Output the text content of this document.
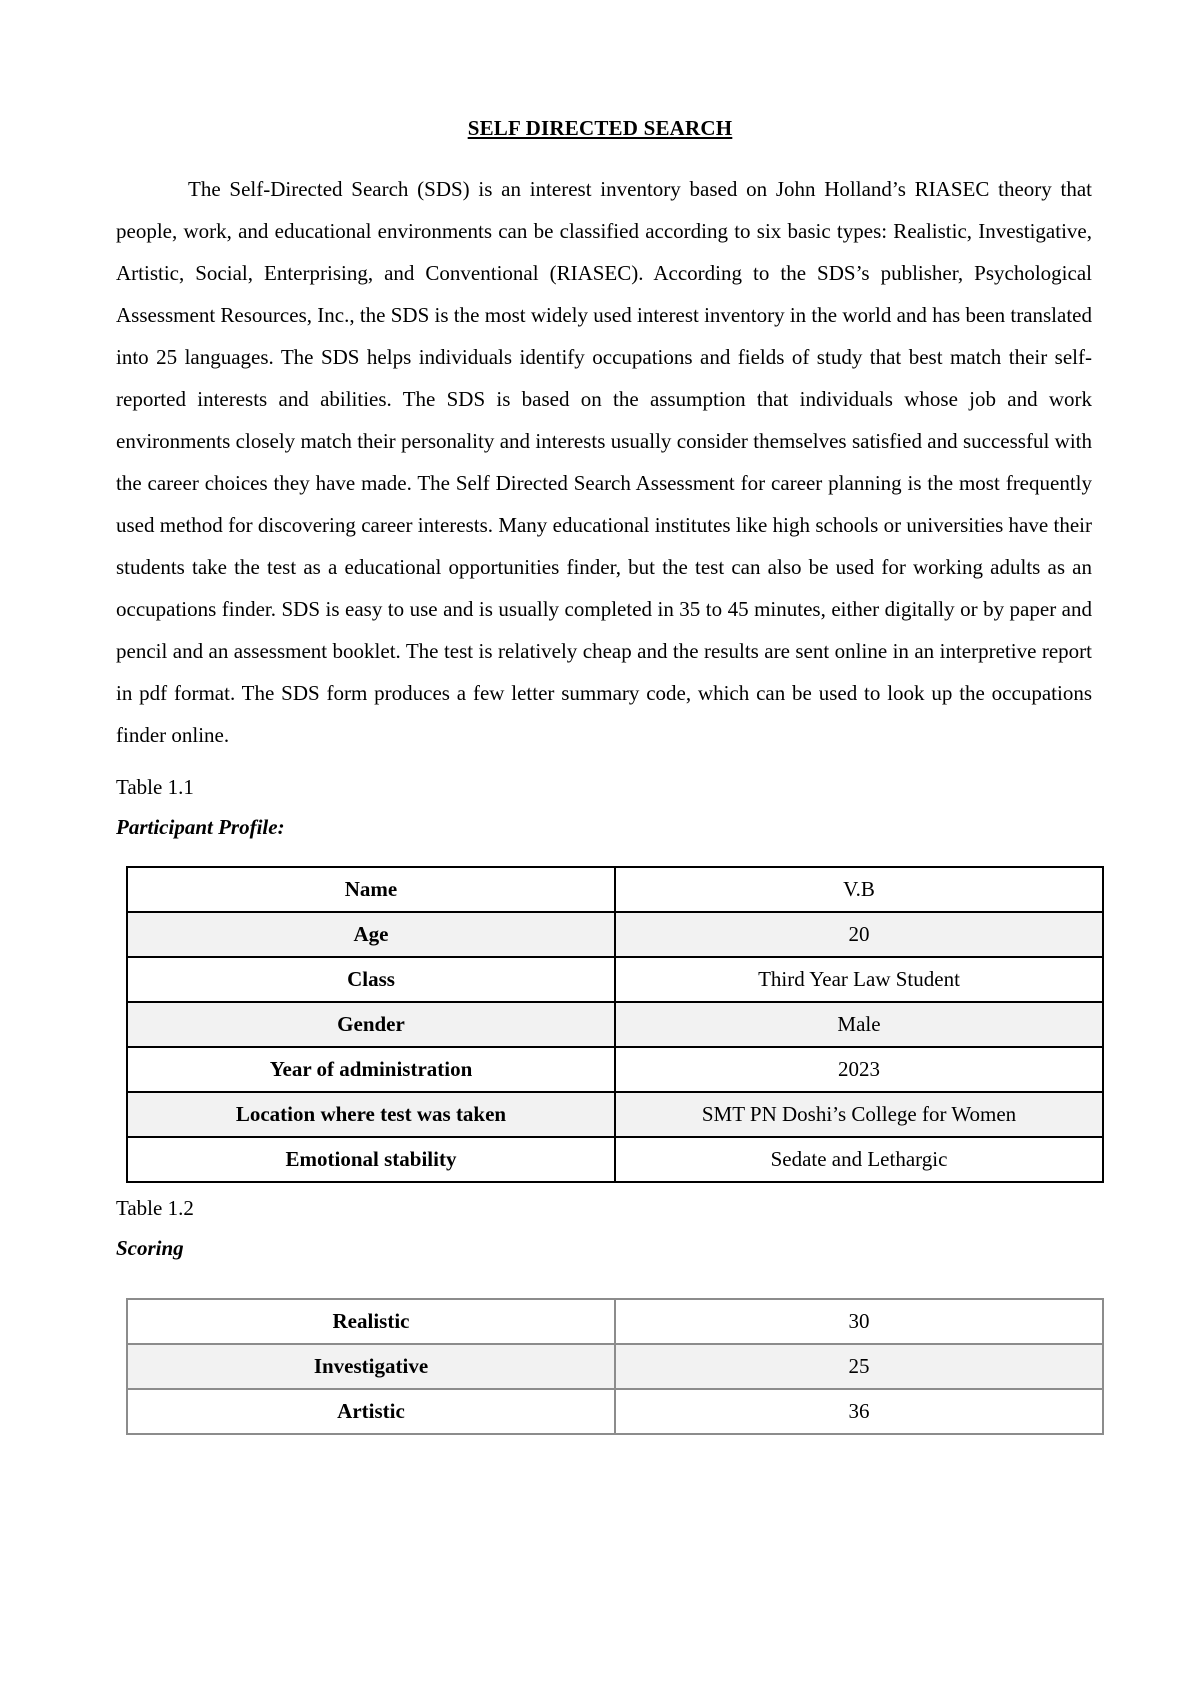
SELF DIRECTED SEARCH

The Self-Directed Search (SDS) is an interest inventory based on John Holland’s RIASEC theory that people, work, and educational environments can be classified according to six basic types: Realistic, Investigative, Artistic, Social, Enterprising, and Conventional (RIASEC). According to the SDS’s publisher, Psychological Assessment Resources, Inc., the SDS is the most widely used interest inventory in the world and has been translated into 25 languages. The SDS helps individuals identify occupations and fields of study that best match their self-reported interests and abilities. The SDS is based on the assumption that individuals whose job and work environments closely match their personality and interests usually consider themselves satisfied and successful with the career choices they have made. The Self Directed Search Assessment for career planning is the most frequently used method for discovering career interests. Many educational institutes like high schools or universities have their students take the test as a educational opportunities finder, but the test can also be used for working adults as an occupations finder. SDS is easy to use and is usually completed in 35 to 45 minutes, either digitally or by paper and pencil and an assessment booklet. The test is relatively cheap and the results are sent online in an interpretive report in pdf format. The SDS form produces a few letter summary code, which can be used to look up the occupations finder online.

Table 1.1
Participant Profile:
Name	V.B
Age	20
Class	Third Year Law Student
Gender	Male
Year of administration	2023
Location where test was taken	SMT PN Doshi’s College for Women
Emotional stability	Sedate and Lethargic
Table 1.2
Scoring
Realistic	30
Investigative	25
Artistic	36
